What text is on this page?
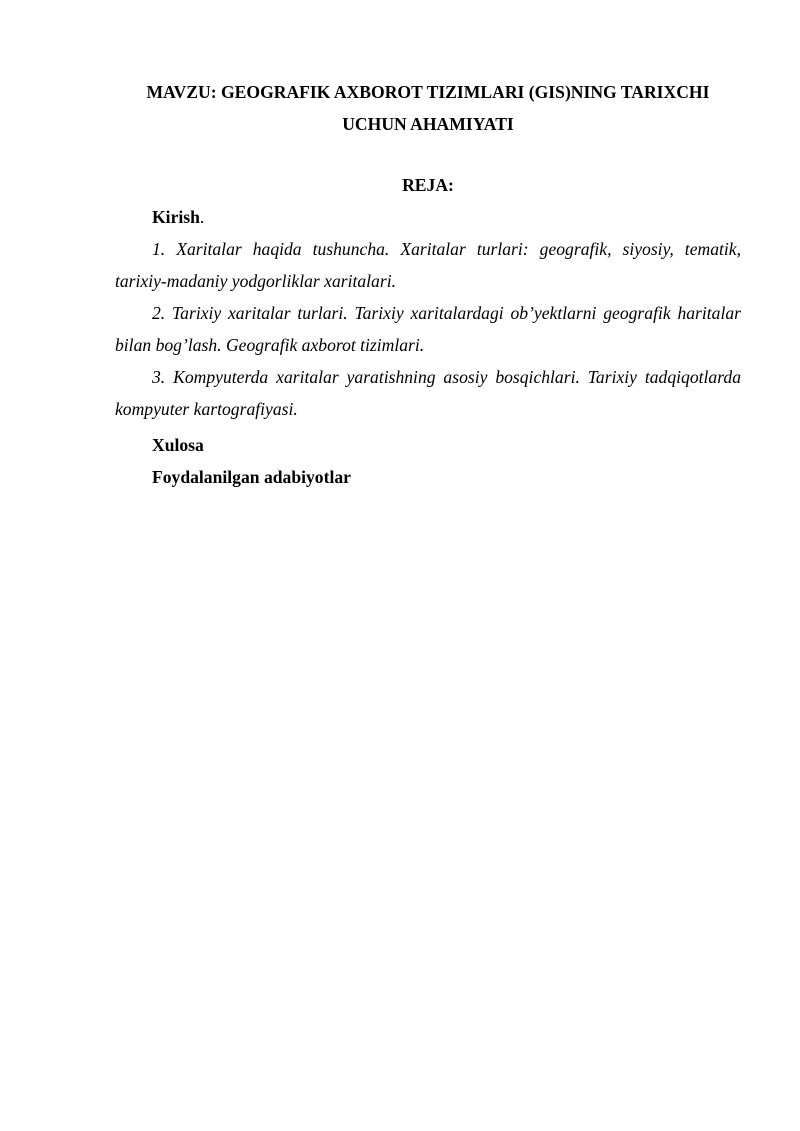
MAVZU: GEOGRAFIK AXBOROT TIZIMLARI (GIS)NING TARIXCHI UCHUN AHAMIYATI
REJA:

Kirish.

1. Xaritalar haqida tushuncha. Xaritalar turlari: geografik, siyosiy, tematik, tarixiy-madaniy yodgorliklar xaritalari.

2. Tarixiy xaritalar turlari. Tarixiy xaritalardagi ob’yektlarni geografik haritalar bilan bog’lash. Geografik axborot tizimlari.

3. Kompyuterda xaritalar yaratishning asosiy bosqichlari. Tarixiy tadqiqotlarda kompyuter kartografiyasi.

Xulosa

Foydalanilgan adabiyotlar
